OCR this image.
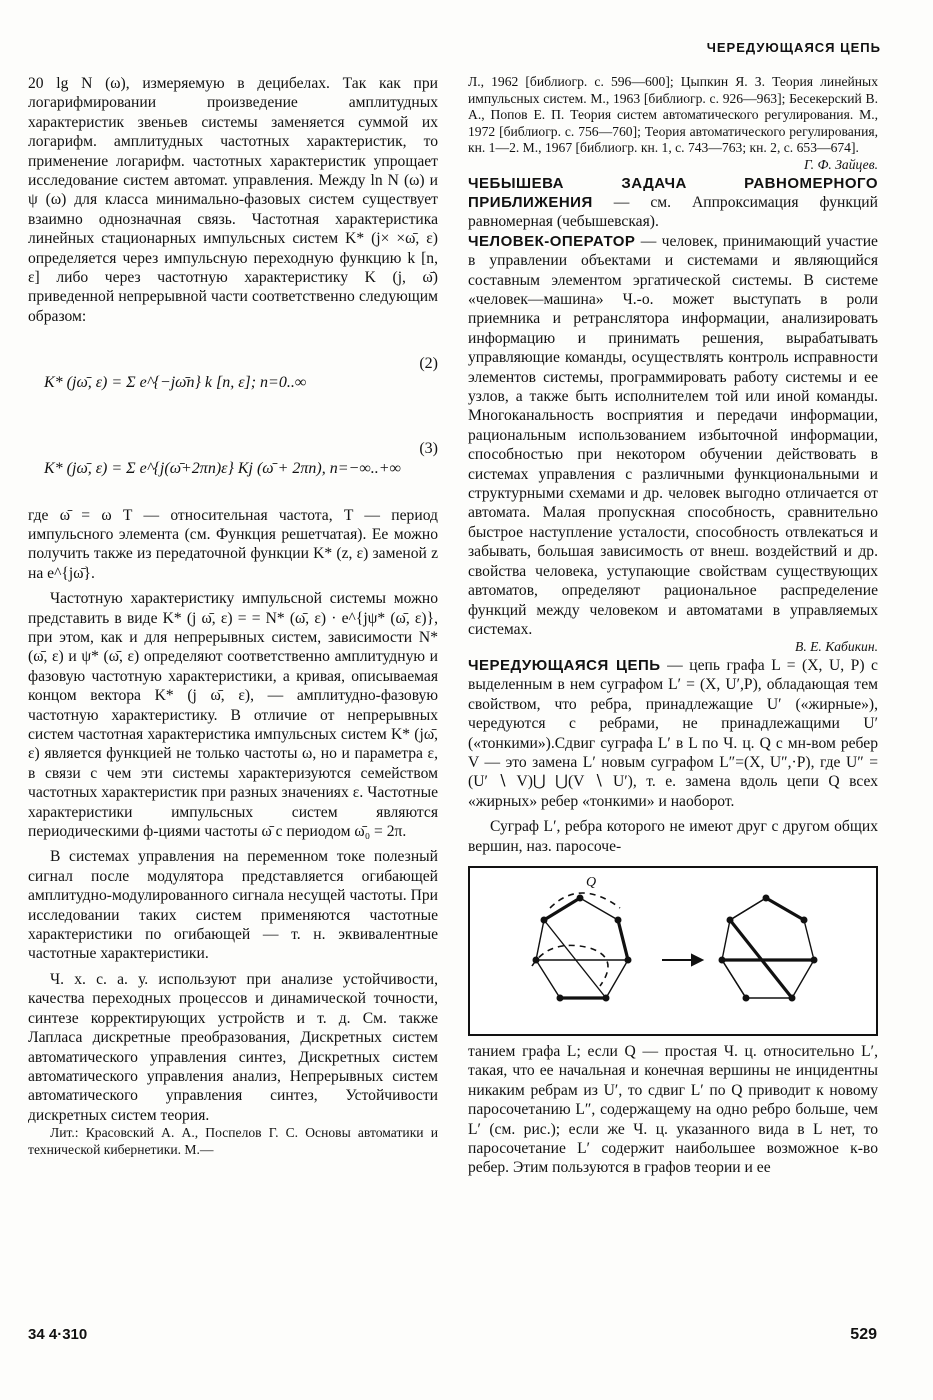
ЧЕРЕДУЮЩАЯСЯ ЦЕПЬ

20 lg N (ω), измеряемую в децибелах. Так как при логарифмировании произведение амплитудных характеристик звеньев системы заменяется суммой их логарифм. амплитудных частотных характеристик, то применение логарифм. частотных характеристик упрощает исследование систем автомат. управления. Между ln N (ω) и ψ (ω) для класса минимально-фазовых систем существует взаимно однозначная связь. Частотная характеристика линейных стационарных импульсных систем K* (j× ×ω̄, ε) определяется через импульсную переходную функцию k [n, ε] либо через частотную характеристику K (j, ω̄) приведенной непрерывной части соответственно следующим образом:

(2)

K* (jω̄, ε) = Σ e^{−jω̄n} k [n, ε]; n=0..∞

(3)

K* (jω̄, ε) = Σ e^{j(ω̄+2πn)ε} Kj (ω̄ + 2πn), n=−∞..+∞

где ω̄ = ω T — относительная частота, T — период импульсного элемента (см. Функция решетчатая). Ее можно получить также из передаточной функции K* (z, ε) заменой z на e^{jω̄}.

Частотную характеристику импульсной системы можно представить в виде K* (j ω̄, ε) = = N* (ω̄, ε) · e^{jψ* (ω̄, ε)}, при этом, как и для непрерывных систем, зависимости N* (ω̄, ε) и ψ* (ω̄, ε) определяют соответственно амплитудную и фазовую частотную характеристики, а кривая, описываемая концом вектора K* (j ω̄, ε), — амплитудно-фазовую частотную характеристику. В отличие от непрерывных систем частотная характеристика импульсных систем K* (jω̄, ε) является функцией не только частоты ω, но и параметра ε, в связи с чем эти системы характеризуются семейством частотных характеристик при разных значениях ε. Частотные характеристики импульсных систем являются периодическими ф-циями частоты ω̄ с периодом ω̄₀ = 2π.

В системах управления на переменном токе полезный сигнал после модулятора представляется огибающей амплитудно-модулированного сигнала несущей частоты. При исследовании таких систем применяются частотные характеристики по огибающей — т. н. эквивалентные частотные характеристики.

Ч. х. с. а. у. используют при анализе устойчивости, качества переходных процессов и динамической точности, синтезе корректирующих устройств и т. д. См. также Лапласа дискретные преобразования, Дискретных систем автоматического управления синтез, Дискретных систем автоматического управления анализ, Непрерывных систем автоматического управления синтез, Устойчивости дискретных систем теория.

Лит.: Красовский А. А., Поспелов Г. С. Основы автоматики и технической кибернетики. М.—

Л., 1962 [библиогр. с. 596—600]; Цыпкин Я. З. Теория линейных импульсных систем. М., 1963 [библиогр. с. 926—963]; Бесекерский В. А., Попов Е. П. Теория систем автоматического регулирования. М., 1972 [библиогр. с. 756—760]; Теория автоматического регулирования, кн. 1—2. М., 1967 [библиогр. кн. 1, с. 743—763; кн. 2, с. 653—674].

Г. Ф. Зайцев.

ЧЕБЫШЕВА ЗАДАЧА РАВНОМЕРНОГО ПРИБЛИЖЕНИЯ — см. Аппроксимация функций равномерная (чебышевская).

ЧЕЛОВЕК-ОПЕРАТОР — человек, принимающий участие в управлении объектами и системами и являющийся составным элементом эргатической системы. В системе «человек—машина» Ч.-о. может выступать в роли приемника и ретранслятора информации, анализировать информацию и принимать решения, вырабатывать управляющие команды, осуществлять контроль исправности элементов системы, программировать работу системы и ее узлов, а также быть исполнителем той или иной команды. Многоканальность восприятия и передачи информации, рациональным использованием избыточной информации, способностью при некотором обучении действовать в системах управления с различными функциональными и структурными схемами и др. человек выгодно отличается от автомата. Малая пропускная способность, сравнительно быстрое наступление усталости, способность отвлекаться и забывать, большая зависимость от внеш. воздействий и др. свойства человека, уступающие свойствам существующих автоматов, определяют рациональное распределение функций между человеком и автоматами в управляемых системах.

В. Е. Кабикин.

ЧЕРЕДУЮЩАЯСЯ ЦЕПЬ — цепь графа L = (X, U, P) с выделенным в нем суграфом L′ = (X, U′,P), обладающая тем свойством, что ребра, принадлежащие U′ («жирные»), чередуются с ребрами, не принадлежащими U′ («тонкими»).Сдвиг суграфа L′ в L по Ч. ц. Q с мн-вом ребер V — это замена L′ новым суграфом L″=(X, U″,·P), где U″ =(U′ ∖ V)⋃ ⋃(V ∖ U′), т. е. замена вдоль цепи Q всех «жирных» ребер «тонкими» и наоборот.

Суграф L′, ребра которого не имеют друг с другом общих вершин, наз. паросоче-

Q

танием графа L; если Q — простая Ч. ц. относительно L′, такая, что ее начальная и конечная вершины не инцидентны никаким ребрам из U′, то сдвиг L′ по Q приводит к новому паросочетанию L″, содержащему на одно ребро больше, чем L′ (см. рис.); если же Ч. ц. указанного вида в L нет, то паросочетание L′ содержит наибольшее возможное к-во ребер. Этим пользуются в графов теории и ее

34 4·310	529
